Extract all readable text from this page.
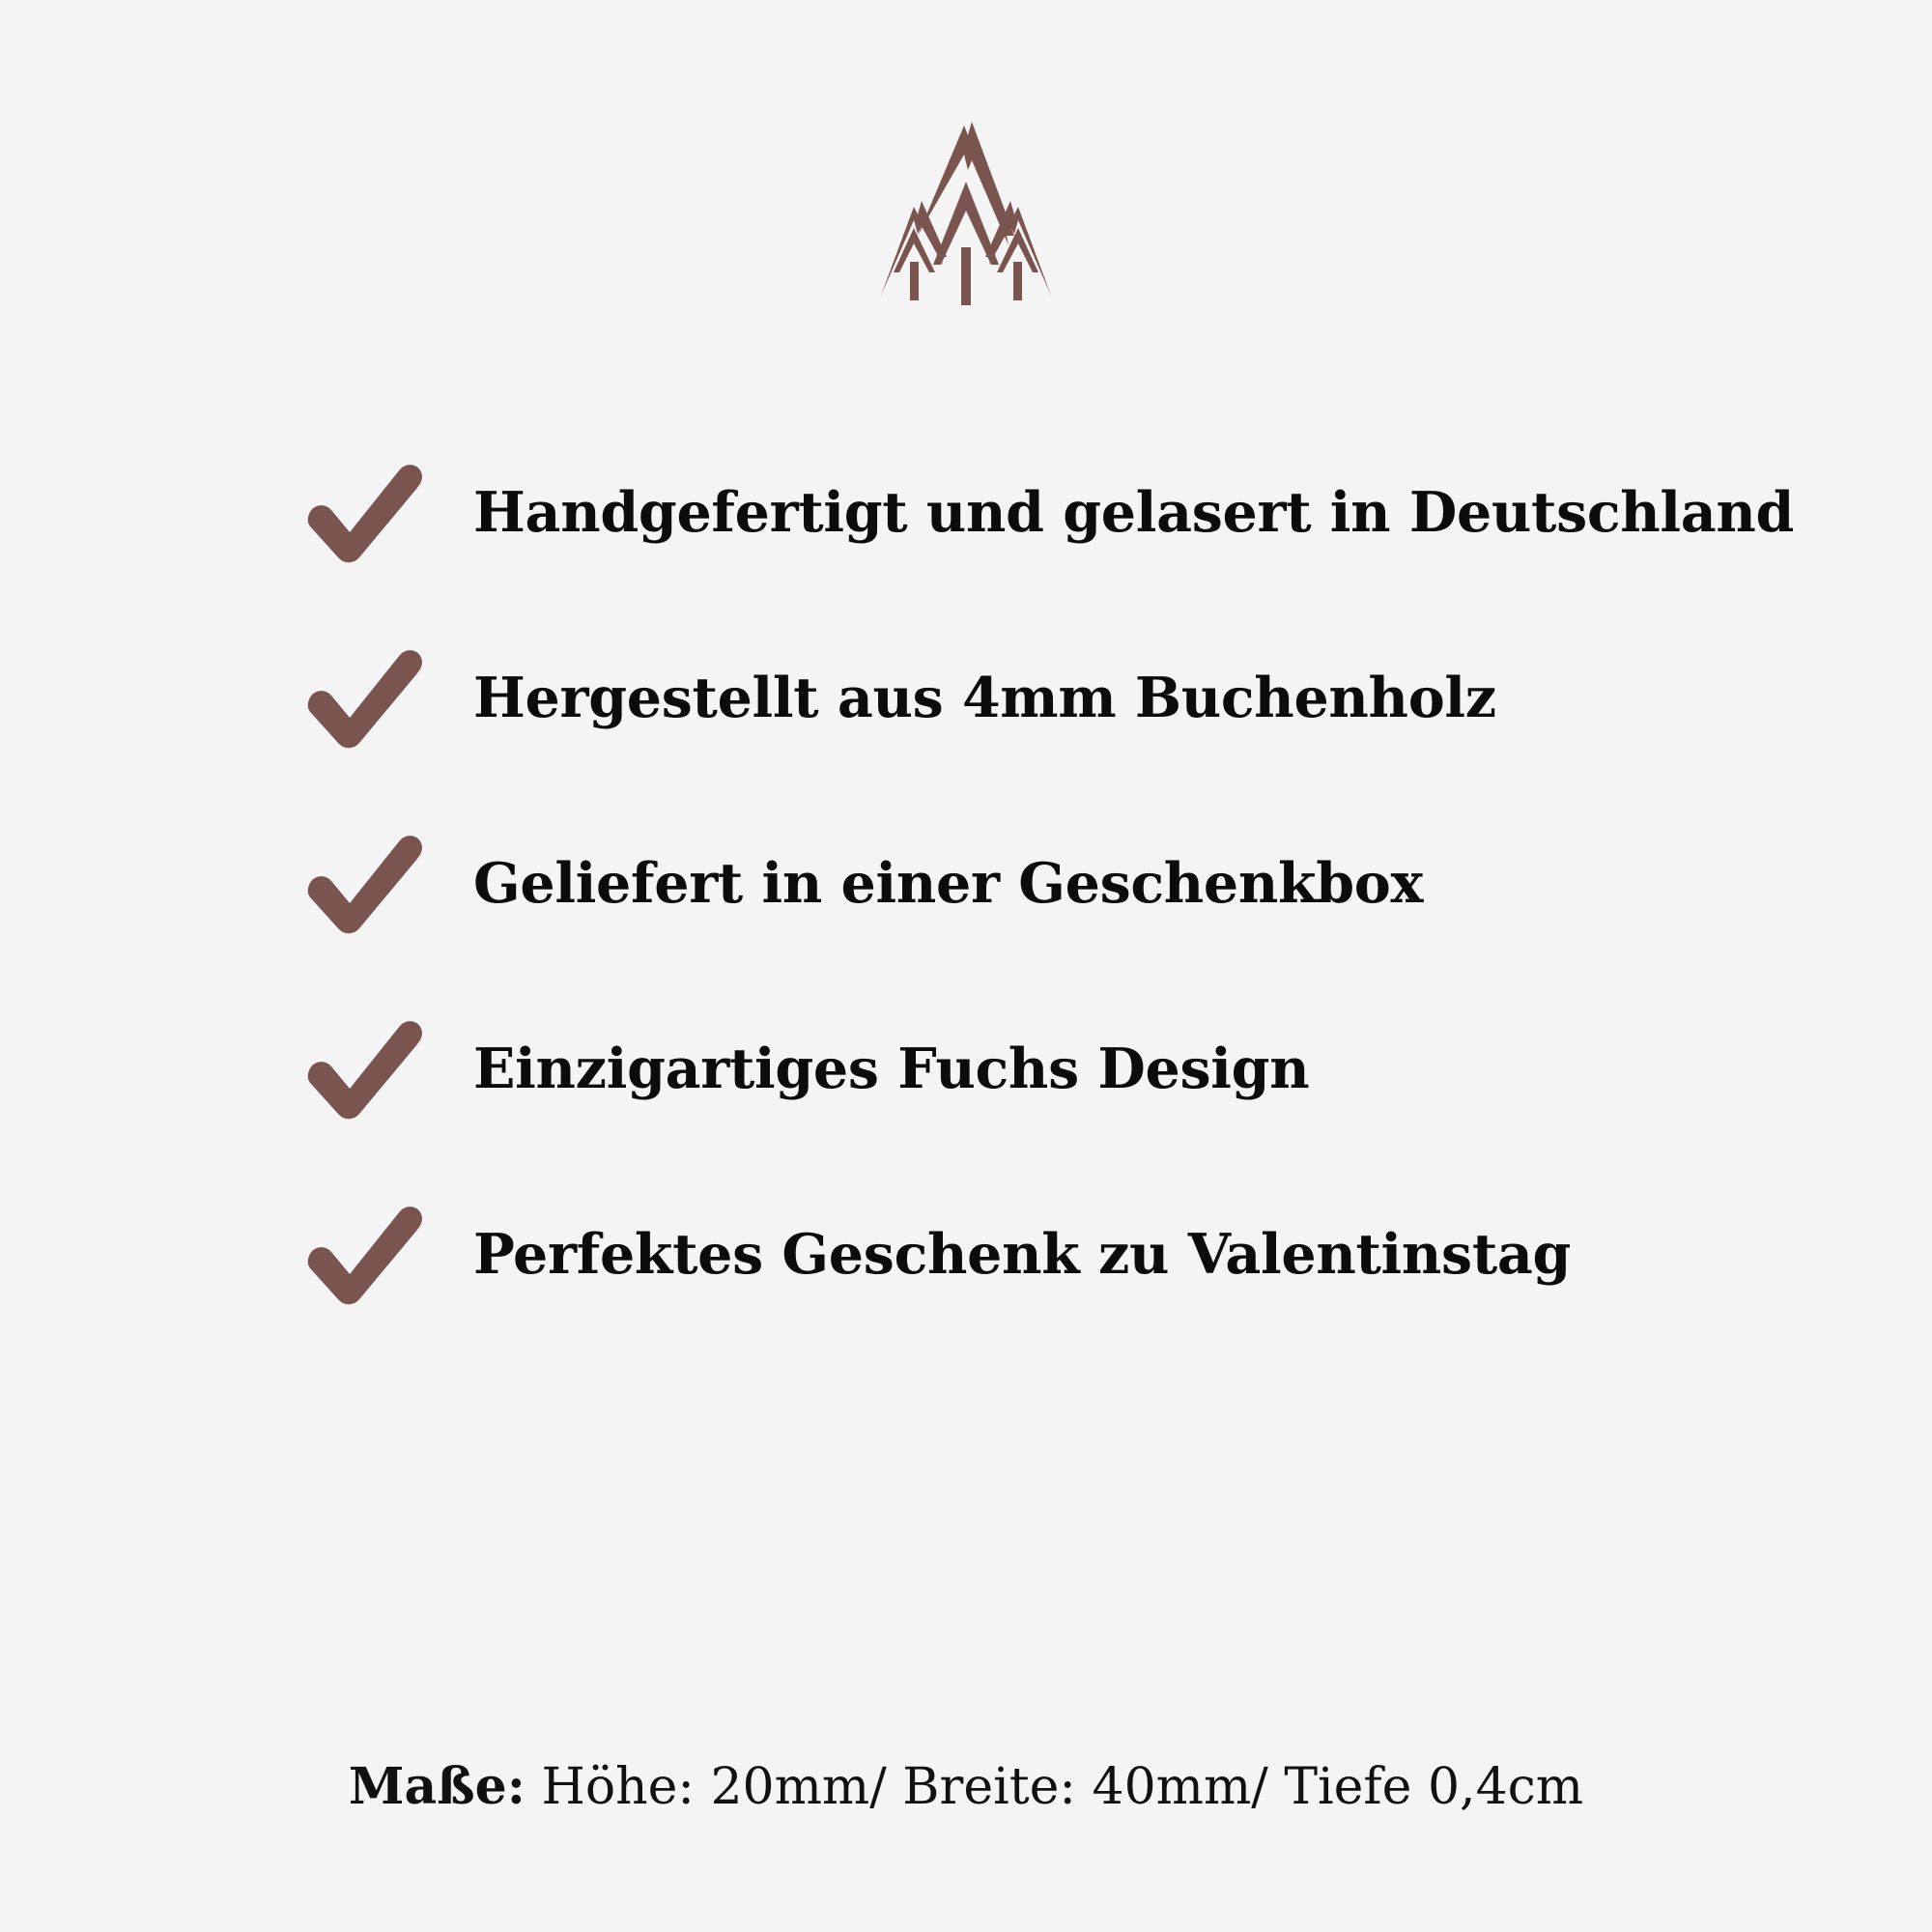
Handgefertigt und gelasert in Deutschland
Hergestellt aus 4mm Buchenholz
Geliefert in einer Geschenkbox
Einzigartiges Fuchs Design
Perfektes Geschenk zu Valentinstag
Maße: Höhe: 20mm/ Breite: 40mm/ Tiefe 0,4cm
